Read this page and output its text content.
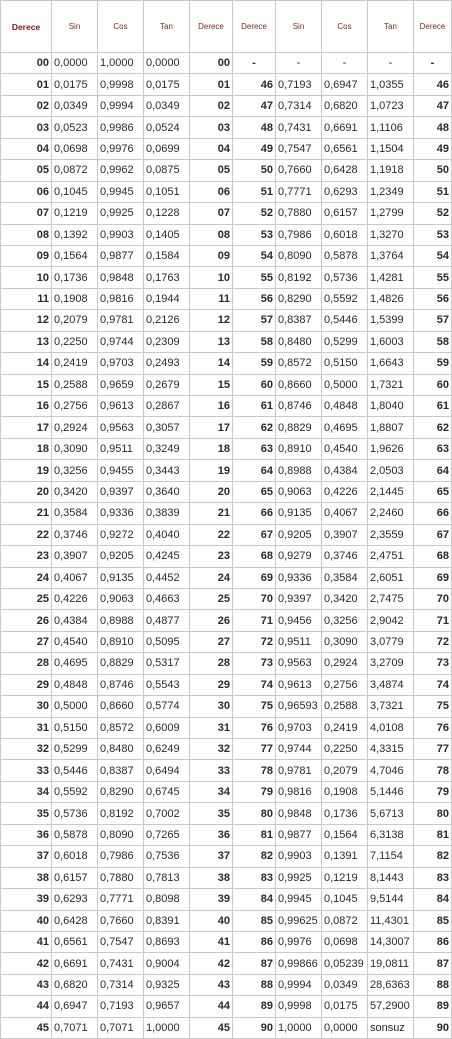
Derece	Sin	Cos	Tan	Derece	Derece	Sin	Cos	Tan	Derece
00	0,0000	1,0000	0,0000	00	-	-	-	-	-
01	0,0175	0,9998	0,0175	01	46	0,7193	0,6947	1,0355	46
02	0,0349	0,9994	0,0349	02	47	0,7314	0,6820	1,0723	47
03	0,0523	0,9986	0,0524	03	48	0,7431	0,6691	1,1106	48
04	0,0698	0,9976	0,0699	04	49	0,7547	0,6561	1,1504	49
05	0,0872	0,9962	0,0875	05	50	0,7660	0,6428	1,1918	50
06	0,1045	0,9945	0,1051	06	51	0,7771	0,6293	1,2349	51
07	0,1219	0,9925	0,1228	07	52	0,7880	0,6157	1,2799	52
08	0,1392	0,9903	0,1405	08	53	0,7986	0,6018	1,3270	53
09	0,1564	0,9877	0,1584	09	54	0,8090	0,5878	1,3764	54
10	0,1736	0,9848	0,1763	10	55	0,8192	0,5736	1,4281	55
11	0,1908	0,9816	0,1944	11	56	0,8290	0,5592	1,4826	56
12	0,2079	0,9781	0,2126	12	57	0,8387	0,5446	1,5399	57
13	0,2250	0,9744	0,2309	13	58	0,8480	0,5299	1,6003	58
14	0,2419	0,9703	0,2493	14	59	0,8572	0,5150	1,6643	59
15	0,2588	0,9659	0,2679	15	60	0,8660	0,5000	1,7321	60
16	0,2756	0,9613	0,2867	16	61	0,8746	0,4848	1,8040	61
17	0,2924	0,9563	0,3057	17	62	0,8829	0,4695	1,8807	62
18	0,3090	0,9511	0,3249	18	63	0,8910	0,4540	1,9626	63
19	0,3256	0,9455	0,3443	19	64	0,8988	0,4384	2,0503	64
20	0,3420	0,9397	0,3640	20	65	0,9063	0,4226	2,1445	65
21	0,3584	0,9336	0,3839	21	66	0,9135	0,4067	2,2460	66
22	0,3746	0,9272	0,4040	22	67	0,9205	0,3907	2,3559	67
23	0,3907	0,9205	0,4245	23	68	0,9279	0,3746	2,4751	68
24	0,4067	0,9135	0,4452	24	69	0,9336	0,3584	2,6051	69
25	0,4226	0,9063	0,4663	25	70	0,9397	0,3420	2,7475	70
26	0,4384	0,8988	0,4877	26	71	0,9456	0,3256	2,9042	71
27	0,4540	0,8910	0,5095	27	72	0,9511	0,3090	3,0779	72
28	0,4695	0,8829	0,5317	28	73	0,9563	0,2924	3,2709	73
29	0,4848	0,8746	0,5543	29	74	0,9613	0,2756	3,4874	74
30	0,5000	0,8660	0,5774	30	75	0,96593	0,2588	3,7321	75
31	0,5150	0,8572	0,6009	31	76	0,9703	0,2419	4,0108	76
32	0,5299	0,8480	0,6249	32	77	0,9744	0,2250	4,3315	77
33	0,5446	0,8387	0,6494	33	78	0,9781	0,2079	4,7046	78
34	0,5592	0,8290	0,6745	34	79	0,9816	0,1908	5,1446	79
35	0,5736	0,8192	0,7002	35	80	0,9848	0,1736	5,6713	80
36	0,5878	0,8090	0,7265	36	81	0,9877	0,1564	6,3138	81
37	0,6018	0,7986	0,7536	37	82	0,9903	0,1391	7,1154	82
38	0,6157	0,7880	0,7813	38	83	0,9925	0,1219	8,1443	83
39	0,6293	0,7771	0,8098	39	84	0,9945	0,1045	9,5144	84
40	0,6428	0,7660	0,8391	40	85	0,99625	0,0872	11,4301	85
41	0,6561	0,7547	0,8693	41	86	0,9976	0,0698	14,3007	86
42	0,6691	0,7431	0,9004	42	87	0,99866	0,05239	19,0811	87
43	0,6820	0,7314	0,9325	43	88	0,9994	0,0349	28,6363	88
44	0,6947	0,7193	0,9657	44	89	0,9998	0,0175	57,2900	89
45	0,7071	0,7071	1,0000	45	90	1,0000	0,0000	sonsuz	90
